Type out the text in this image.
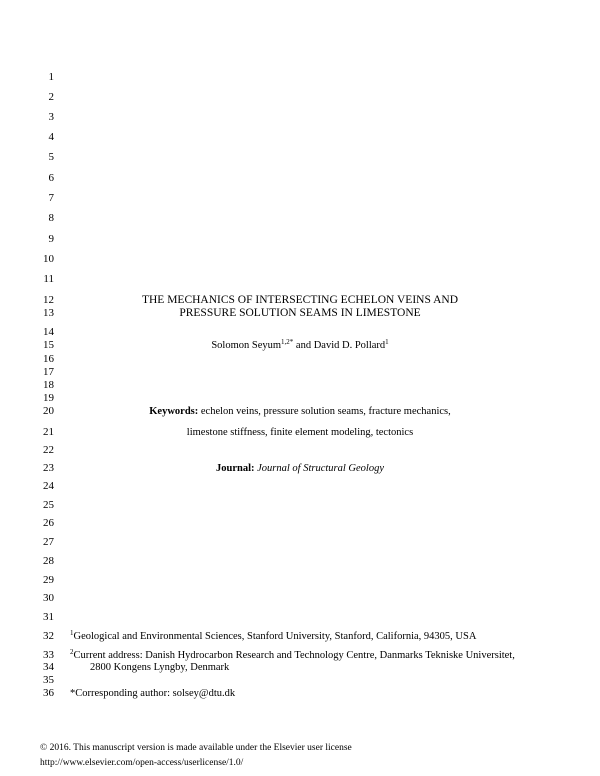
1
2
3
4
5
6
7
8
9
10
11
12
13
14
15
16
17
18
19
20
21
22
23
24
25
26
27
28
29
30
31
32
33
34
35
36
THE MECHANICS OF INTERSECTING ECHELON VEINS AND
PRESSURE SOLUTION SEAMS IN LIMESTONE
Solomon Seyum$^{1,2*}$ and David D. Pollard$^1$
Keywords: echelon veins, pressure solution seams, fracture mechanics,
limestone stiffness, finite element modeling, tectonics
Journal: Journal of Structural Geology
$^1$Geological and Environmental Sciences, Stanford University, Stanford, California, 94305, USA
$^2$Current address: Danish Hydrocarbon Research and Technology Centre, Danmarks Tekniske Universitet,
2800 Kongens Lyngby, Denmark
*Corresponding author: solsey@dtu.dk
© 2016. This manuscript version is made available under the Elsevier user license
http://www.elsevier.com/open-access/userlicense/1.0/
